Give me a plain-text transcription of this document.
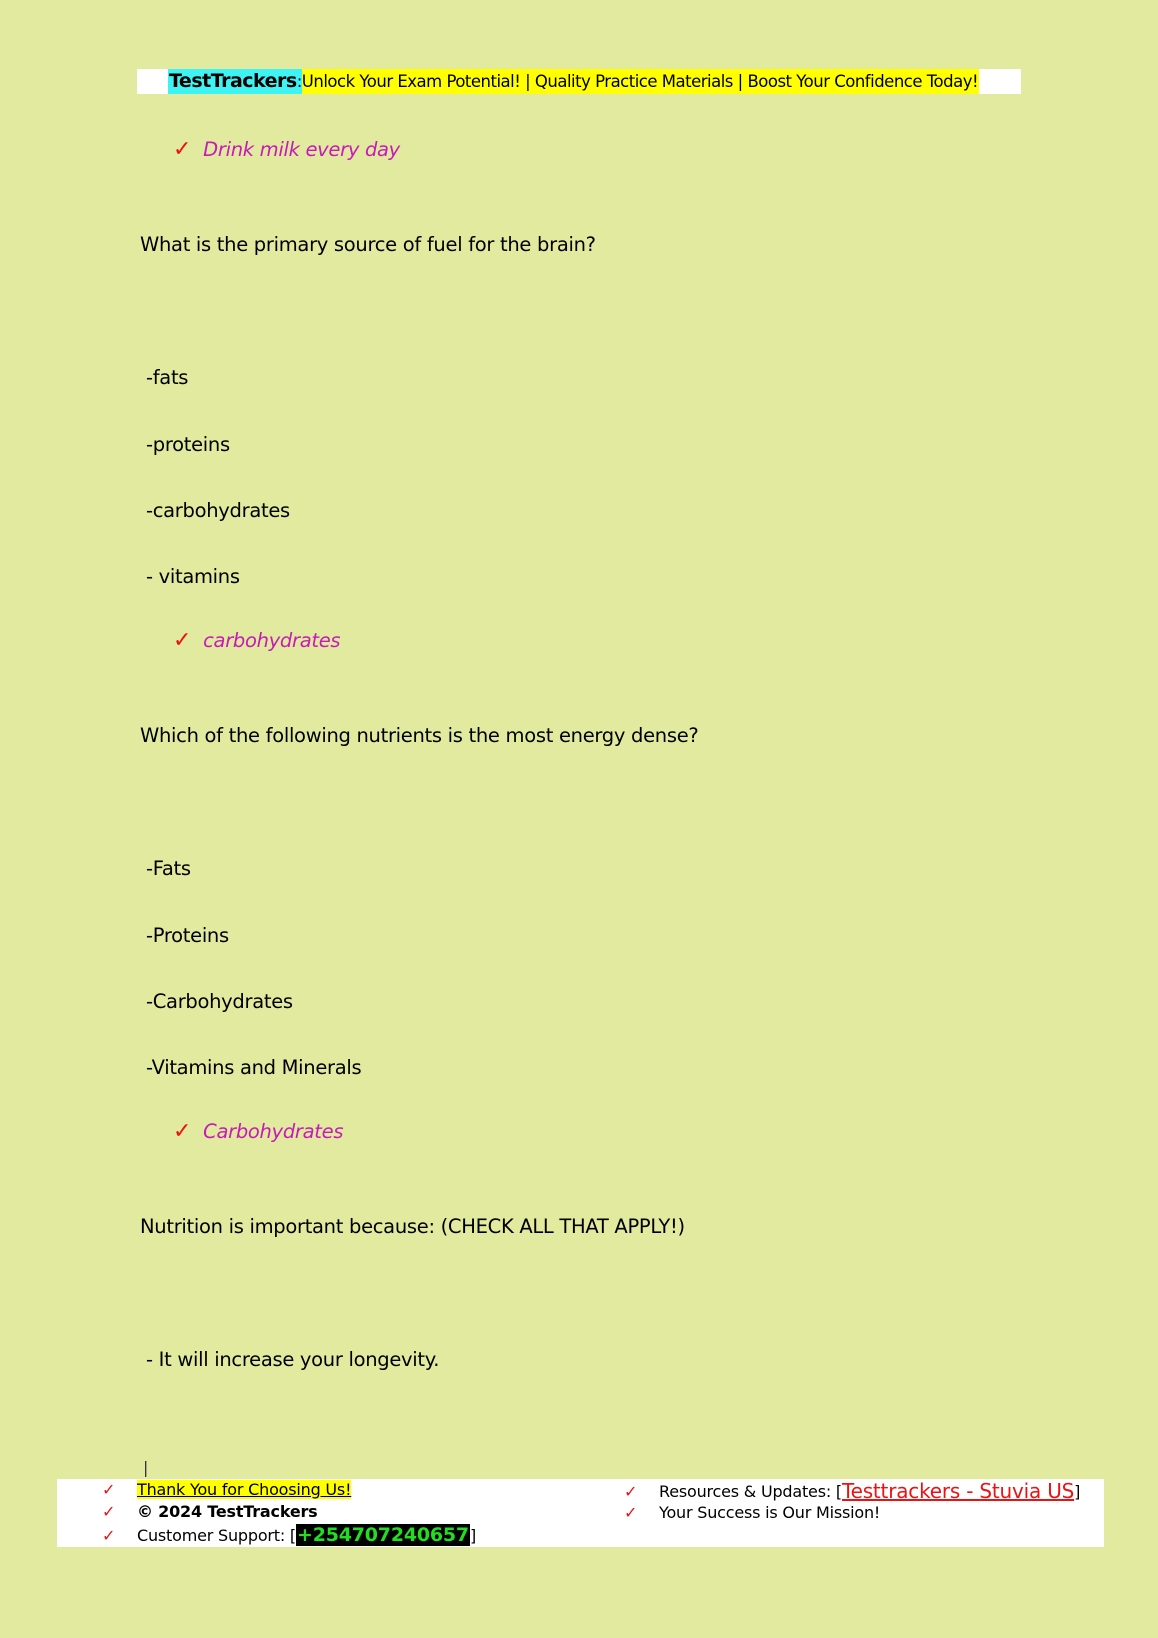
TestTrackers : Unlock Your Exam Potential! | Quality Practice Materials | Boost Your Confidence Today!
✓ Drink milk every day
What is the primary source of fuel for the brain?
-fats
-proteins
-carbohydrates
- vitamins
✓ carbohydrates
Which of the following nutrients is the most energy dense?
-Fats
-Proteins
-Carbohydrates
-Vitamins and Minerals
✓ Carbohydrates
Nutrition is important because: (CHECK ALL THAT APPLY!)
- It will increase your longevity.
|
✓	Thank You for Choosing Us!
✓	© 2024 TestTrackers
✓	Customer Support: [ +254707240657 ]
✓	Resources & Updates: [ Testtrackers - Stuvia US ]
✓	Your Success is Our Mission!
